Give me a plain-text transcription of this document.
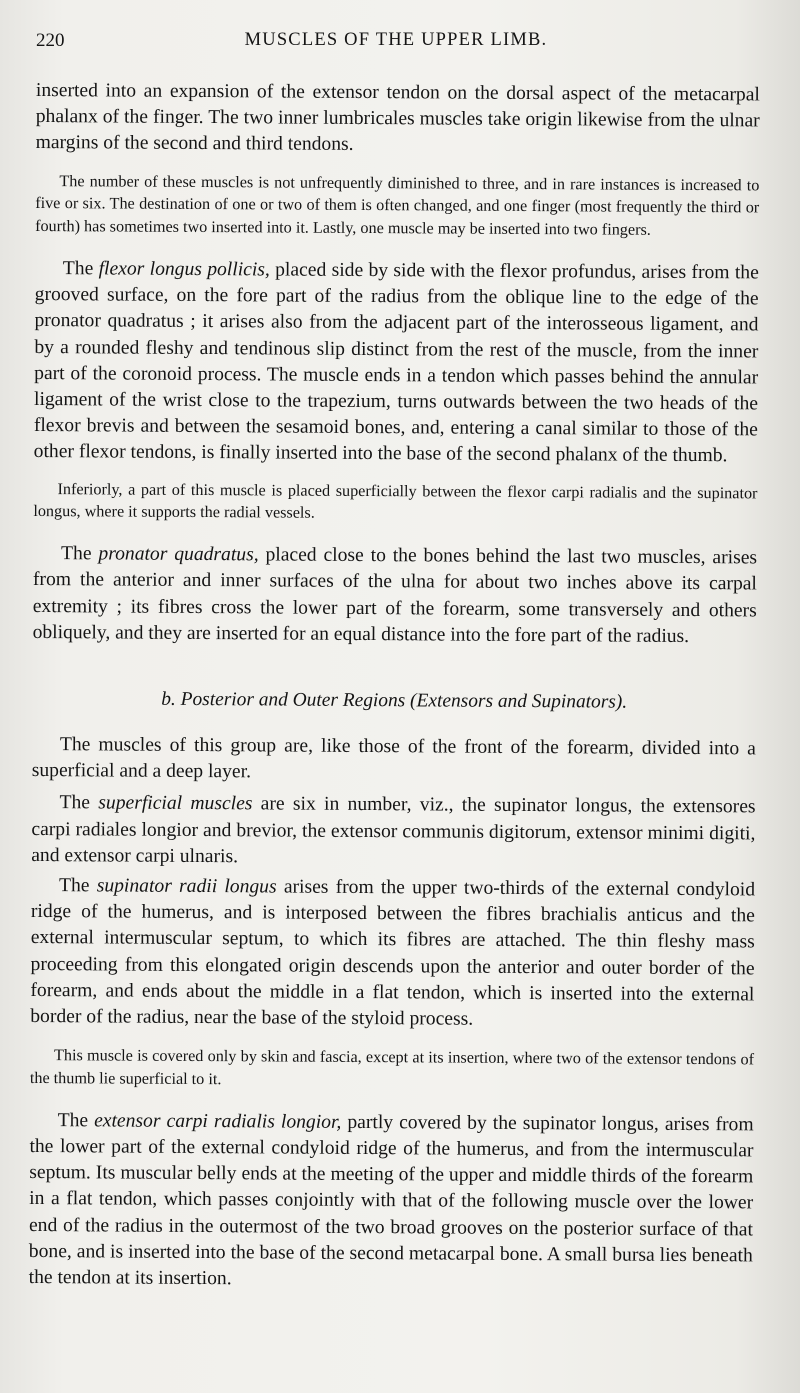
220	MUSCLES OF THE UPPER LIMB.

inserted into an expansion of the extensor tendon on the dorsal aspect of the metacarpal phalanx of the finger. The two inner lumbricales muscles take origin likewise from the ulnar margins of the second and third tendons.

The number of these muscles is not unfrequently diminished to three, and in rare instances is increased to five or six. The destination of one or two of them is often changed, and one finger (most frequently the third or fourth) has sometimes two inserted into it. Lastly, one muscle may be inserted into two fingers.

The flexor longus pollicis, placed side by side with the flexor profundus, arises from the grooved surface, on the fore part of the radius from the oblique line to the edge of the pronator quadratus ; it arises also from the adjacent part of the interosseous ligament, and by a rounded fleshy and tendinous slip distinct from the rest of the muscle, from the inner part of the coronoid process. The muscle ends in a tendon which passes behind the annular ligament of the wrist close to the trapezium, turns outwards between the two heads of the flexor brevis and between the sesamoid bones, and, entering a canal similar to those of the other flexor tendons, is finally inserted into the base of the second phalanx of the thumb.

Inferiorly, a part of this muscle is placed superficially between the flexor carpi radialis and the supinator longus, where it supports the radial vessels.

The pronator quadratus, placed close to the bones behind the last two muscles, arises from the anterior and inner surfaces of the ulna for about two inches above its carpal extremity ; its fibres cross the lower part of the forearm, some transversely and others obliquely, and they are inserted for an equal distance into the fore part of the radius.

b. Posterior and Outer Regions (Extensors and Supinators).

The muscles of this group are, like those of the front of the forearm, divided into a superficial and a deep layer.

The superficial muscles are six in number, viz., the supinator longus, the extensores carpi radiales longior and brevior, the extensor communis digitorum, extensor minimi digiti, and extensor carpi ulnaris.

The supinator radii longus arises from the upper two-thirds of the external condyloid ridge of the humerus, and is interposed between the fibres brachialis anticus and the external intermuscular septum, to which its fibres are attached. The thin fleshy mass proceeding from this elongated origin descends upon the anterior and outer border of the forearm, and ends about the middle in a flat tendon, which is inserted into the external border of the radius, near the base of the styloid process.

This muscle is covered only by skin and fascia, except at its insertion, where two of the extensor tendons of the thumb lie superficial to it.

The extensor carpi radialis longior, partly covered by the supinator longus, arises from the lower part of the external condyloid ridge of the humerus, and from the intermuscular septum. Its muscular belly ends at the meeting of the upper and middle thirds of the forearm in a flat tendon, which passes conjointly with that of the following muscle over the lower end of the radius in the outermost of the two broad grooves on the posterior surface of that bone, and is inserted into the base of the second metacarpal bone. A small bursa lies beneath the tendon at its insertion.
